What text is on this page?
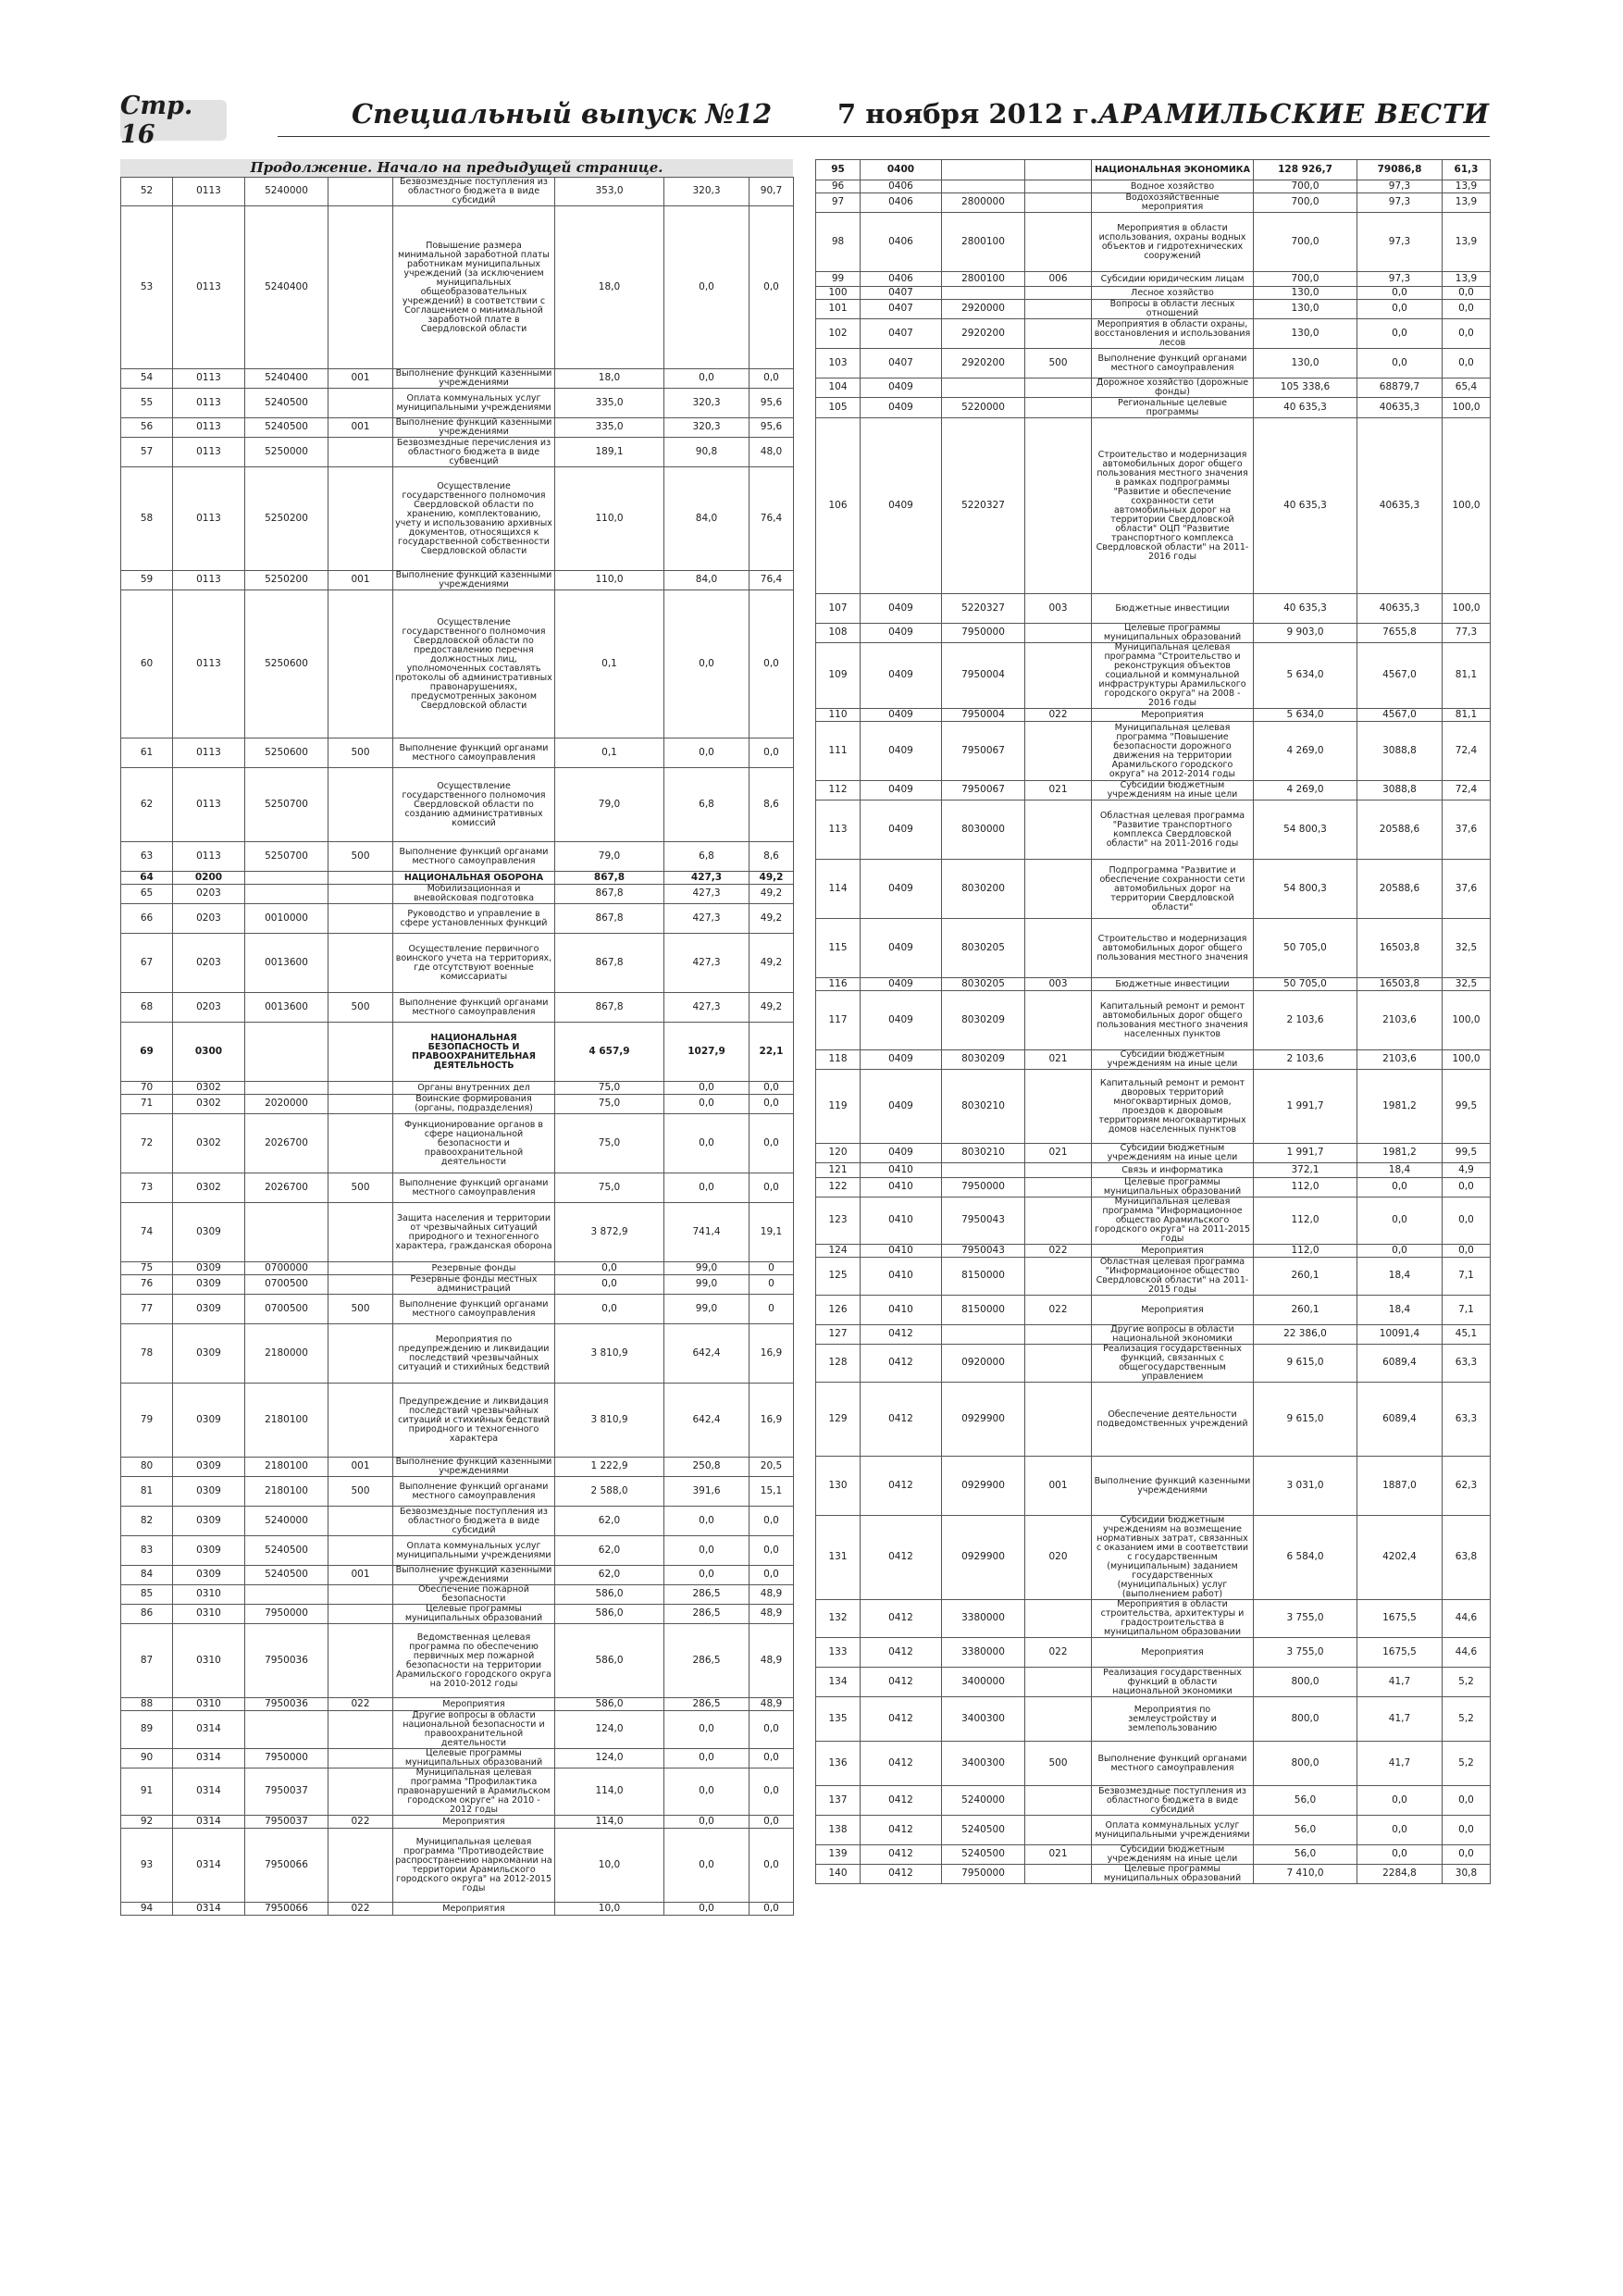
Стр. 16
Специальный выпуск №12 7 ноября 2012 г. АРАМИЛЬСКИЕ ВЕСТИ
Продолжение. Начало на предыдущей странице.
52	0113	5240000		Безвозмездные поступления из областного бюджета в виде субсидий	353,0	320,3	90,7
53	0113	5240400		Повышение размера минимальной заработной платы работникам муниципальных учреждений (за исключением муниципальных общеобразовательных учреждений) в соответствии с Соглашением о минимальной заработной плате в Свердловской области	18,0	0,0	0,0
54	0113	5240400	001	Выполнение функций казенными учреждениями	18,0	0,0	0,0
55	0113	5240500		Оплата коммунальных услуг муниципальными учреждениями	335,0	320,3	95,6
56	0113	5240500	001	Выполнение функций казенными учреждениями	335,0	320,3	95,6
57	0113	5250000		Безвозмездные перечисления из областного бюджета в виде субвенций	189,1	90,8	48,0
58	0113	5250200		Осуществление государственного полномочия Свердловской области по хранению, комплектованию, учету и использованию архивных документов, относящихся к государственной собственности Свердловской области	110,0	84,0	76,4
59	0113	5250200	001	Выполнение функций казенными учреждениями	110,0	84,0	76,4
60	0113	5250600		Осуществление государственного полномочия Свердловской области по предоставлению перечня должностных лиц, уполномоченных составлять протоколы об административных правонарушениях, предусмотренных законом Свердловской области	0,1	0,0	0,0
61	0113	5250600	500	Выполнение функций органами местного самоуправления	0,1	0,0	0,0
62	0113	5250700		Осуществление государственного полномочия Свердловской области по созданию административных комиссий	79,0	6,8	8,6
63	0113	5250700	500	Выполнение функций органами местного самоуправления	79,0	6,8	8,6
64	0200			НАЦИОНАЛЬНАЯ ОБОРОНА	867,8	427,3	49,2
65	0203			Мобилизационная и вневойсковая подготовка	867,8	427,3	49,2
66	0203	0010000		Руководство и управление в сфере установленных функций	867,8	427,3	49,2
67	0203	0013600		Осуществление первичного воинского учета на территориях, где отсутствуют военные комиссариаты	867,8	427,3	49,2
68	0203	0013600	500	Выполнение функций органами местного самоуправления	867,8	427,3	49,2
69	0300			НАЦИОНАЛЬНАЯ БЕЗОПАСНОСТЬ И ПРАВООХРАНИТЕЛЬНАЯ ДЕЯТЕЛЬНОСТЬ	4 657,9	1027,9	22,1
70	0302			Органы внутренних дел	75,0	0,0	0,0
71	0302	2020000		Воинские формирования (органы, подразделения)	75,0	0,0	0,0
72	0302	2026700		Функционирование органов в сфере национальной безопасности и правоохранительной деятельности	75,0	0,0	0,0
73	0302	2026700	500	Выполнение функций органами местного самоуправления	75,0	0,0	0,0
74	0309			Защита населения и территории от чрезвычайных ситуаций природного и техногенного характера, гражданская оборона	3 872,9	741,4	19,1
75	0309	0700000		Резервные фонды	0,0	99,0	0
76	0309	0700500		Резервные фонды местных администраций	0,0	99,0	0
77	0309	0700500	500	Выполнение функций органами местного самоуправления	0,0	99,0	0
78	0309	2180000		Мероприятия по предупреждению и ликвидации последствий чрезвычайных ситуаций и стихийных бедствий	3 810,9	642,4	16,9
79	0309	2180100		Предупреждение и ликвидация последствий чрезвычайных ситуаций и стихийных бедствий природного и техногенного характера	3 810,9	642,4	16,9
80	0309	2180100	001	Выполнение функций казенными учреждениями	1 222,9	250,8	20,5
81	0309	2180100	500	Выполнение функций органами местного самоуправления	2 588,0	391,6	15,1
82	0309	5240000		Безвозмездные поступления из областного бюджета в виде субсидий	62,0	0,0	0,0
83	0309	5240500		Оплата коммунальных услуг муниципальными учреждениями	62,0	0,0	0,0
84	0309	5240500	001	Выполнение функций казенными учреждениями	62,0	0,0	0,0
85	0310			Обеспечение пожарной безопасности	586,0	286,5	48,9
86	0310	7950000		Целевые программы муниципальных образований	586,0	286,5	48,9
87	0310	7950036		Ведомственная целевая программа по обеспечению первичных мер пожарной безопасности на территории Арамильского городского округа на 2010-2012 годы	586,0	286,5	48,9
88	0310	7950036	022	Мероприятия	586,0	286,5	48,9
89	0314			Другие вопросы в области национальной безопасности и правоохранительной деятельности	124,0	0,0	0,0
90	0314	7950000		Целевые программы муниципальных образований	124,0	0,0	0,0
91	0314	7950037		Муниципальная целевая программа "Профилактика правонарушений в Арамильском городском округе" на 2010 - 2012 годы	114,0	0,0	0,0
92	0314	7950037	022	Мероприятия	114,0	0,0	0,0
93	0314	7950066		Муниципальная целевая программа "Противодействие распространению наркомании на территории Арамильского городского округа" на 2012-2015 годы	10,0	0,0	0,0
94	0314	7950066	022	Мероприятия	10,0	0,0	0,0
95	0400			НАЦИОНАЛЬНАЯ ЭКОНОМИКА	128 926,7	79086,8	61,3
96	0406			Водное хозяйство	700,0	97,3	13,9
97	0406	2800000		Водохозяйственные мероприятия	700,0	97,3	13,9
98	0406	2800100		Мероприятия в области использования, охраны водных объектов и гидротехнических сооружений	700,0	97,3	13,9
99	0406	2800100	006	Субсидии юридическим лицам	700,0	97,3	13,9
100	0407			Лесное хозяйство	130,0	0,0	0,0
101	0407	2920000		Вопросы в области лесных отношений	130,0	0,0	0,0
102	0407	2920200		Мероприятия в области охраны, восстановления и использования лесов	130,0	0,0	0,0
103	0407	2920200	500	Выполнение функций органами местного самоуправления	130,0	0,0	0,0
104	0409			Дорожное хозяйство (дорожные фонды)	105 338,6	68879,7	65,4
105	0409	5220000		Региональные целевые программы	40 635,3	40635,3	100,0
106	0409	5220327		Строительство и модернизация автомобильных дорог общего пользования местного значения в рамках подпрограммы "Развитие и обеспечение сохранности сети автомобильных дорог на территории Свердловской области" ОЦП "Развитие транспортного комплекса Свердловской области" на 2011-2016 годы	40 635,3	40635,3	100,0
107	0409	5220327	003	Бюджетные инвестиции	40 635,3	40635,3	100,0
108	0409	7950000		Целевые программы муниципальных образований	9 903,0	7655,8	77,3
109	0409	7950004		Муниципальная целевая программа "Строительство и реконструкция объектов социальной и коммунальной инфраструктуры Арамильского городского округа" на 2008 - 2016 годы	5 634,0	4567,0	81,1
110	0409	7950004	022	Мероприятия	5 634,0	4567,0	81,1
111	0409	7950067		Муниципальная целевая программа "Повышение безопасности дорожного движения на территории Арамильского городского округа" на 2012-2014 годы	4 269,0	3088,8	72,4
112	0409	7950067	021	Субсидии бюджетным учреждениям на иные цели	4 269,0	3088,8	72,4
113	0409	8030000		Областная целевая программа "Развитие транспортного комплекса Свердловской области" на 2011-2016 годы	54 800,3	20588,6	37,6
114	0409	8030200		Подпрограмма "Развитие и обеспечение сохранности сети автомобильных дорог на территории Свердловской области"	54 800,3	20588,6	37,6
115	0409	8030205		Строительство и модернизация автомобильных дорог общего пользования местного значения	50 705,0	16503,8	32,5
116	0409	8030205	003	Бюджетные инвестиции	50 705,0	16503,8	32,5
117	0409	8030209		Капитальный ремонт и ремонт автомобильных дорог общего пользования местного значения населенных пунктов	2 103,6	2103,6	100,0
118	0409	8030209	021	Субсидии бюджетным учреждениям на иные цели	2 103,6	2103,6	100,0
119	0409	8030210		Капитальный ремонт и ремонт дворовых территорий многоквартирных домов, проездов к дворовым территориям многоквартирных домов населенных пунктов	1 991,7	1981,2	99,5
120	0409	8030210	021	Субсидии бюджетным учреждениям на иные цели	1 991,7	1981,2	99,5
121	0410			Связь и информатика	372,1	18,4	4,9
122	0410	7950000		Целевые программы муниципальных образований	112,0	0,0	0,0
123	0410	7950043		Муниципальная целевая программа "Информационное общество Арамильского городского округа" на 2011-2015 годы	112,0	0,0	0,0
124	0410	7950043	022	Мероприятия	112,0	0,0	0,0
125	0410	8150000		Областная целевая программа "Информационное общество Свердловской области" на 2011-2015 годы	260,1	18,4	7,1
126	0410	8150000	022	Мероприятия	260,1	18,4	7,1
127	0412			Другие вопросы в области национальной экономики	22 386,0	10091,4	45,1
128	0412	0920000		Реализация государственных функций, связанных с общегосударственным управлением	9 615,0	6089,4	63,3
129	0412	0929900		Обеспечение деятельности подведомственных учреждений	9 615,0	6089,4	63,3
130	0412	0929900	001	Выполнение функций казенными учреждениями	3 031,0	1887,0	62,3
131	0412	0929900	020	Субсидии бюджетным учреждениям на возмещение нормативных затрат, связанных с оказанием ими в соответствии с государственным (муниципальным) заданием государственных (муниципальных) услуг (выполнением работ)	6 584,0	4202,4	63,8
132	0412	3380000		Мероприятия в области строительства, архитектуры и градостроительства в муниципальном образовании	3 755,0	1675,5	44,6
133	0412	3380000	022	Мероприятия	3 755,0	1675,5	44,6
134	0412	3400000		Реализация государственных функций в области национальной экономики	800,0	41,7	5,2
135	0412	3400300		Мероприятия по землеустройству и землепользованию	800,0	41,7	5,2
136	0412	3400300	500	Выполнение функций органами местного самоуправления	800,0	41,7	5,2
137	0412	5240000		Безвозмездные поступления из областного бюджета в виде субсидий	56,0	0,0	0,0
138	0412	5240500		Оплата коммунальных услуг муниципальными учреждениями	56,0	0,0	0,0
139	0412	5240500	021	Субсидии бюджетным учреждениям на иные цели	56,0	0,0	0,0
140	0412	7950000		Целевые программы муниципальных образований	7 410,0	2284,8	30,8
